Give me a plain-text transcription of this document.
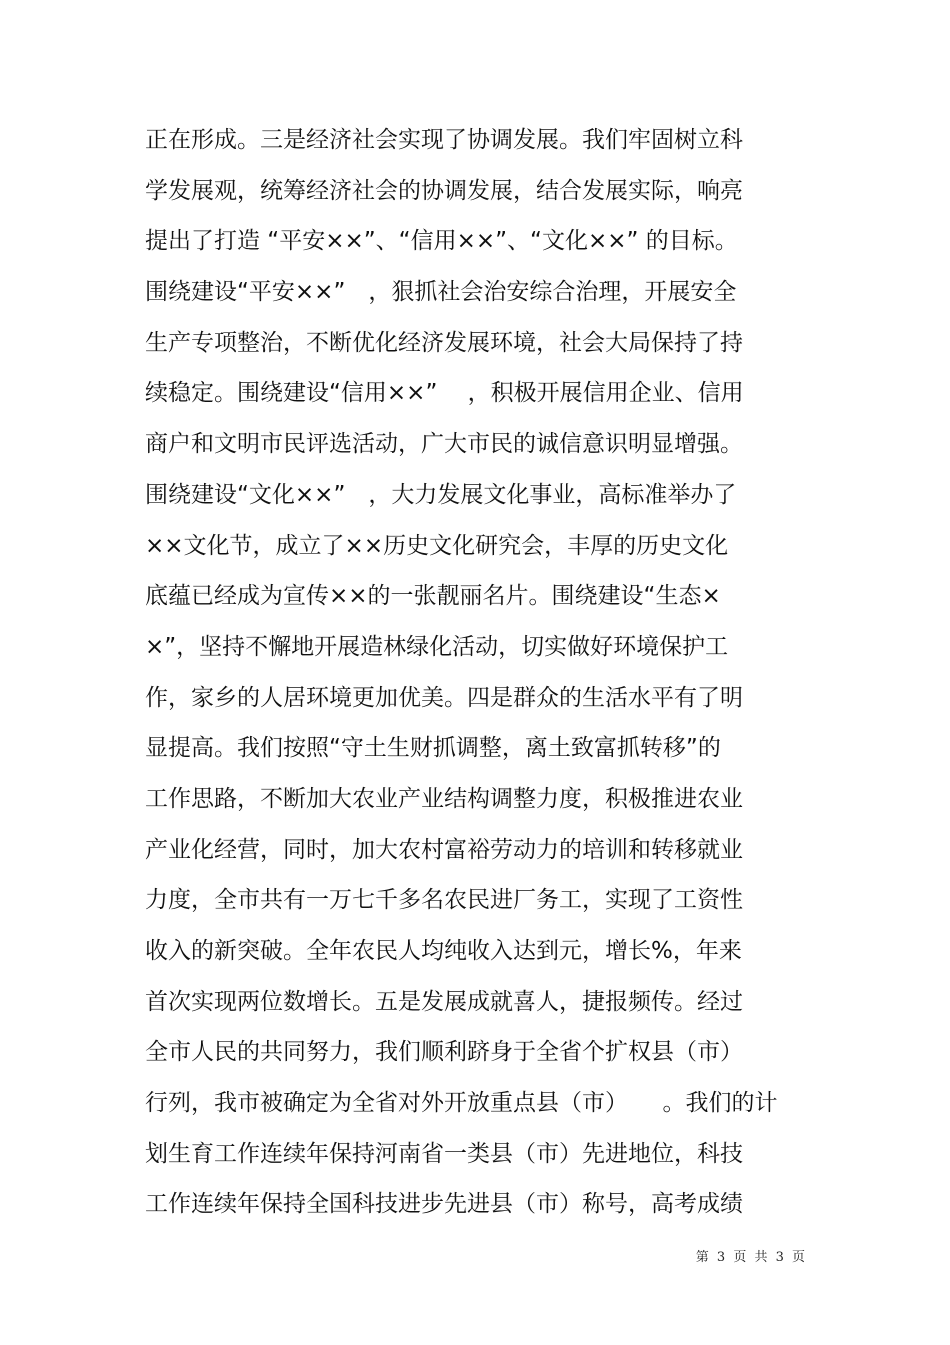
正在形成。三是经济社会实现了协调发展。我们牢固树立科
学发展观，统筹经济社会的协调发展，结合发展实际，响亮
提出了打造 “平安××”、“信用××”、“文化××” 的目标。
围绕建设“平安××”　，狠抓社会治安综合治理，开展安全
生产专项整治，不断优化经济发展环境，社会大局保持了持
续稳定。围绕建设“信用××”　 ，积极开展信用企业、信用
商户和文明市民评选活动，广大市民的诚信意识明显增强。
围绕建设“文化××”　，大力发展文化事业，高标准举办了
××文化节，成立了××历史文化研究会，丰厚的历史文化
底蕴已经成为宣传××的一张靓丽名片。围绕建设“生态×
×”，坚持不懈地开展造林绿化活动，切实做好环境保护工
作，家乡的人居环境更加优美。四是群众的生活水平有了明
显提高。我们按照“守土生财抓调整，离土致富抓转移”的
工作思路，不断加大农业产业结构调整力度，积极推进农业
产业化经营，同时，加大农村富裕劳动力的培训和转移就业
力度，全市共有一万七千多名农民进厂务工，实现了工资性
收入的新突破。全年农民人均纯收入达到元，增长%，年来
首次实现两位数增长。五是发展成就喜人，捷报频传。经过
全市人民的共同努力，我们顺利跻身于全省个扩权县（市）
行列，我市被确定为全省对外开放重点县（市）　　。我们的计
划生育工作连续年保持河南省一类县（市）先进地位，科技
工作连续年保持全国科技进步先进县（市）称号，高考成绩
第 3 页 共 3 页
